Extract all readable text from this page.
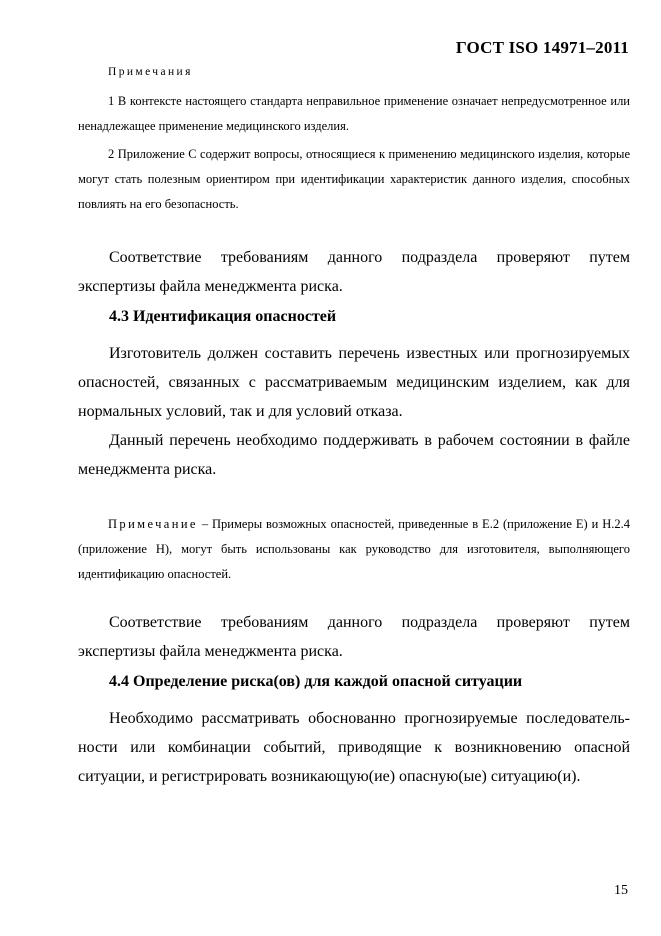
ГОСТ ISO 14971–2011
Примечания
1 В контексте настоящего стандарта неправильное применение означает непредусмотренное или ненадлежащее применение медицинского изделия.
2 Приложение С содержит вопросы, относящиеся к применению медицинского изделия, которые могут стать полезным ориентиром при идентификации характеристик данного изделия, способных повлиять на его безопасность.
Соответствие требованиям данного подраздела проверяют путем экспертизы файла менеджмента риска.
4.3 Идентификация опасностей
Изготовитель должен составить перечень известных или прогнозируемых опасностей, связанных с рассматриваемым медицинским изделием, как для нормальных условий, так и для условий отказа.
Данный перечень необходимо поддерживать в рабочем состоянии в файле менеджмента риска.
Примечание – Примеры возможных опасностей, приведенные в Е.2 (приложение Е) и Н.2.4 (приложение Н), могут быть использованы как руководство для изготовителя, выполняющего идентификацию опасностей.
Соответствие требованиям данного подраздела проверяют путем экспертизы файла менеджмента риска.
4.4 Определение риска(ов) для каждой опасной ситуации
Необходимо рассматривать обоснованно прогнозируемые последовательности или комбинации событий, приводящие к возникновению опасной ситуации, и регистрировать возникающую(ие) опасную(ые) ситуацию(и).
15
